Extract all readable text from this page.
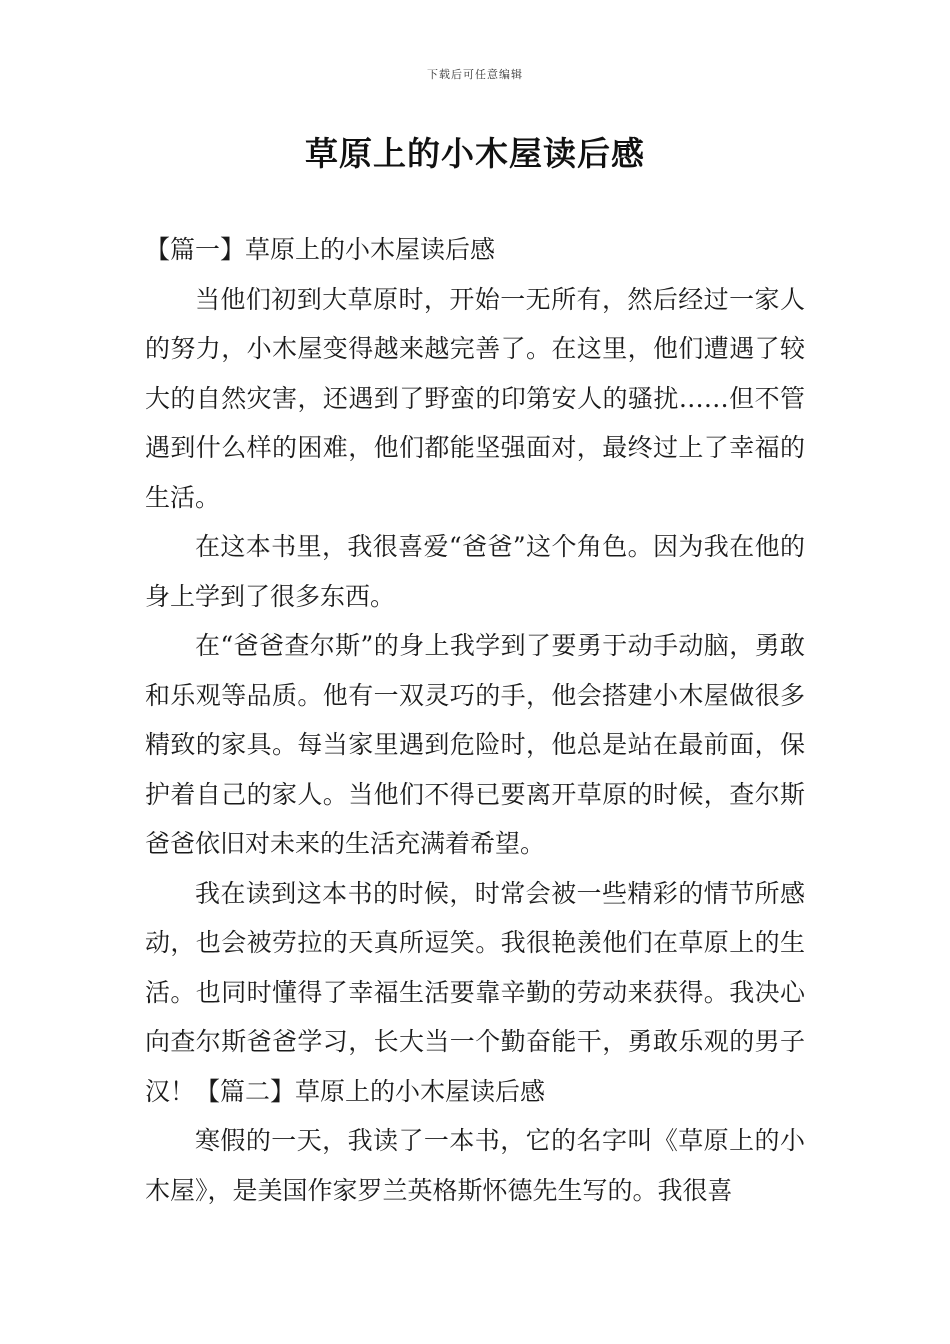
下载后可任意编辑
草原上的小木屋读后感

【篇一】草原上的小木屋读后感

当他们初到大草原时，开始一无所有，然后经过一家人的努力，小木屋变得越来越完善了。在这里，他们遭遇了较大的自然灾害，还遇到了野蛮的印第安人的骚扰……但不管遇到什么样的困难，他们都能坚强面对，最终过上了幸福的生活。

在这本书里，我很喜爱“爸爸”这个角色。因为我在他的身上学到了很多东西。

在“爸爸查尔斯”的身上我学到了要勇于动手动脑，勇敢和乐观等品质。他有一双灵巧的手，他会搭建小木屋做很多精致的家具。每当家里遇到危险时，他总是站在最前面，保护着自己的家人。当他们不得已要离开草原的时候，查尔斯爸爸依旧对未来的生活充满着希望。

我在读到这本书的时候，时常会被一些精彩的情节所感动，也会被劳拉的天真所逗笑。我很艳羡他们在草原上的生活。也同时懂得了幸福生活要靠辛勤的劳动来获得。我决心向查尔斯爸爸学习，长大当一个勤奋能干，勇敢乐观的男子汉！【篇二】草原上的小木屋读后感

寒假的一天，我读了一本书，它的名字叫《草原上的小木屋》，是美国作家罗兰英格斯怀德先生写的。我很喜
